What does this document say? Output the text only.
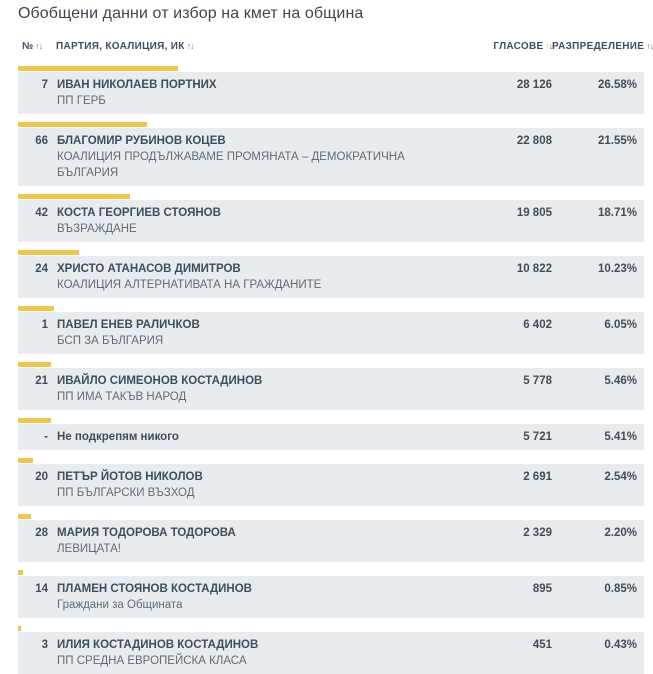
Обобщени данни от избор на кмет на община
№ ↑↓	ПАРТИЯ, КОАЛИЦИЯ, ИК ↑↓	ГЛАСОВЕ ↑↓ РАЗПРЕДЕЛЕНИЕ ↑↓
7 ИВАН НИКОЛАЕВ ПОРТНИХ
ПП ГЕРБ
28 126	26.58%
66 БЛАГОМИР РУБИНОВ КОЦЕВ
КОАЛИЦИЯ ПРОДЪЛЖАВАМЕ ПРОМЯНАТА – ДЕМОКРАТИЧНА БЪЛГАРИЯ
22 808	21.55%
42 КОСТА ГЕОРГИЕВ СТОЯНОВ
ВЪЗРАЖДАНЕ
19 805	18.71%
24 ХРИСТО АТАНАСОВ ДИМИТРОВ
КОАЛИЦИЯ АЛТЕРНАТИВАТА НА ГРАЖДАНИТЕ
10 822	10.23%
1 ПАВЕЛ ЕНЕВ РАЛИЧКОВ
БСП ЗА БЪЛГАРИЯ
6 402	6.05%
21 ИВАЙЛО СИМЕОНОВ КОСТАДИНОВ
ПП ИМА ТАКЪВ НАРОД
5 778	5.46%
- Не подкрепям никого	5 721	5.41%
20 ПЕТЪР ЙОТОВ НИКОЛОВ
ПП БЪЛГАРСКИ ВЪЗХОД
2 691	2.54%
28 МАРИЯ ТОДОРОВА ТОДОРОВА
ЛЕВИЦАТА!
2 329	2.20%
14 ПЛАМЕН СТОЯНОВ КОСТАДИНОВ
Граждани за Общината
895	0.85%
3 ИЛИЯ КОСТАДИНОВ КОСТАДИНОВ
ПП СРЕДНА ЕВРОПЕЙСКА КЛАСА
451	0.43%
